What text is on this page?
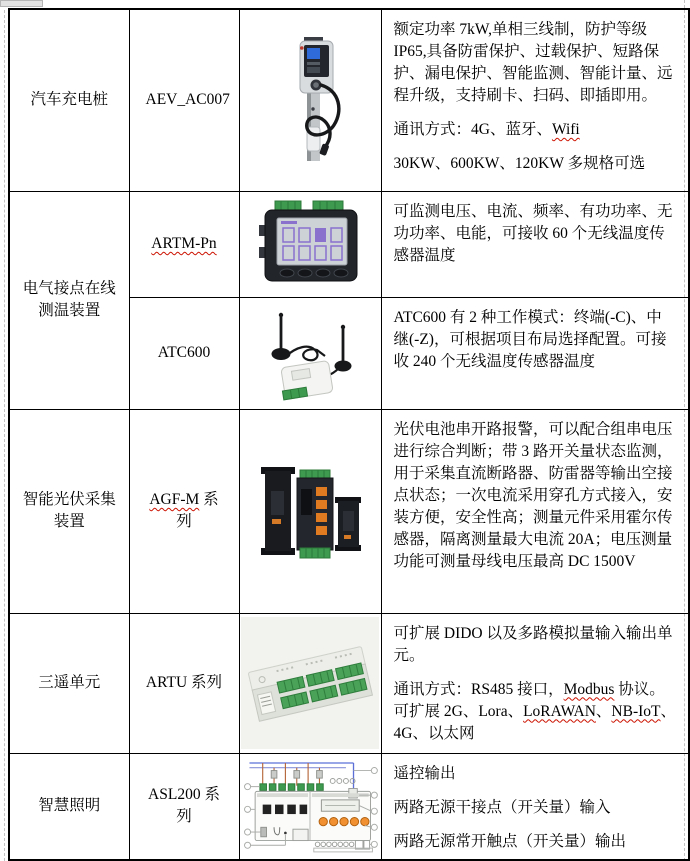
汽车充电桩	AEV_AC007		额定功率 7kW,单相三线制，防护等级IP65,具备防雷保护、过载保护、短路保护、漏电保护、智能监测、智能计量、远程升级，支持刷卡、扫码、即插即用。

通讯方式：4G、蓝牙、Wifi

30KW、600KW、120KW 多规格可选

电气接点在线测温装置	ARTM-Pn		可监测电压、电流、频率、有功功率、无功功率、电能，可接收 60 个无线温度传感器温度

	ATC600		ATC600 有 2 种工作模式：终端(-C)、中继(-Z)，可根据项目布局选择配置。可接收 240 个无线温度传感器温度

智能光伏采集装置	AGF-M 系列		光伏电池串开路报警，可以配合组串电压进行综合判断；带 3 路开关量状态监测，用于采集直流断路器、防雷器等输出空接点状态；一次电流采用穿孔方式接入，安装方便，安全性高；测量元件采用霍尔传感器，隔离测量最大电流 20A；电压测量功能可测量母线电压最高 DC 1500V

三遥单元	ARTU 系列		可扩展 DIDO 以及多路模拟量输入输出单元。

通讯方式：RS485 接口，Modbus 协议。可扩展 2G、Lora、LoRAWAN、NB-IoT、4G、以太网

智慧照明	ASL200 系列		遥控输出

两路无源干接点（开关量）输入

两路无源常开触点（开关量）输出
